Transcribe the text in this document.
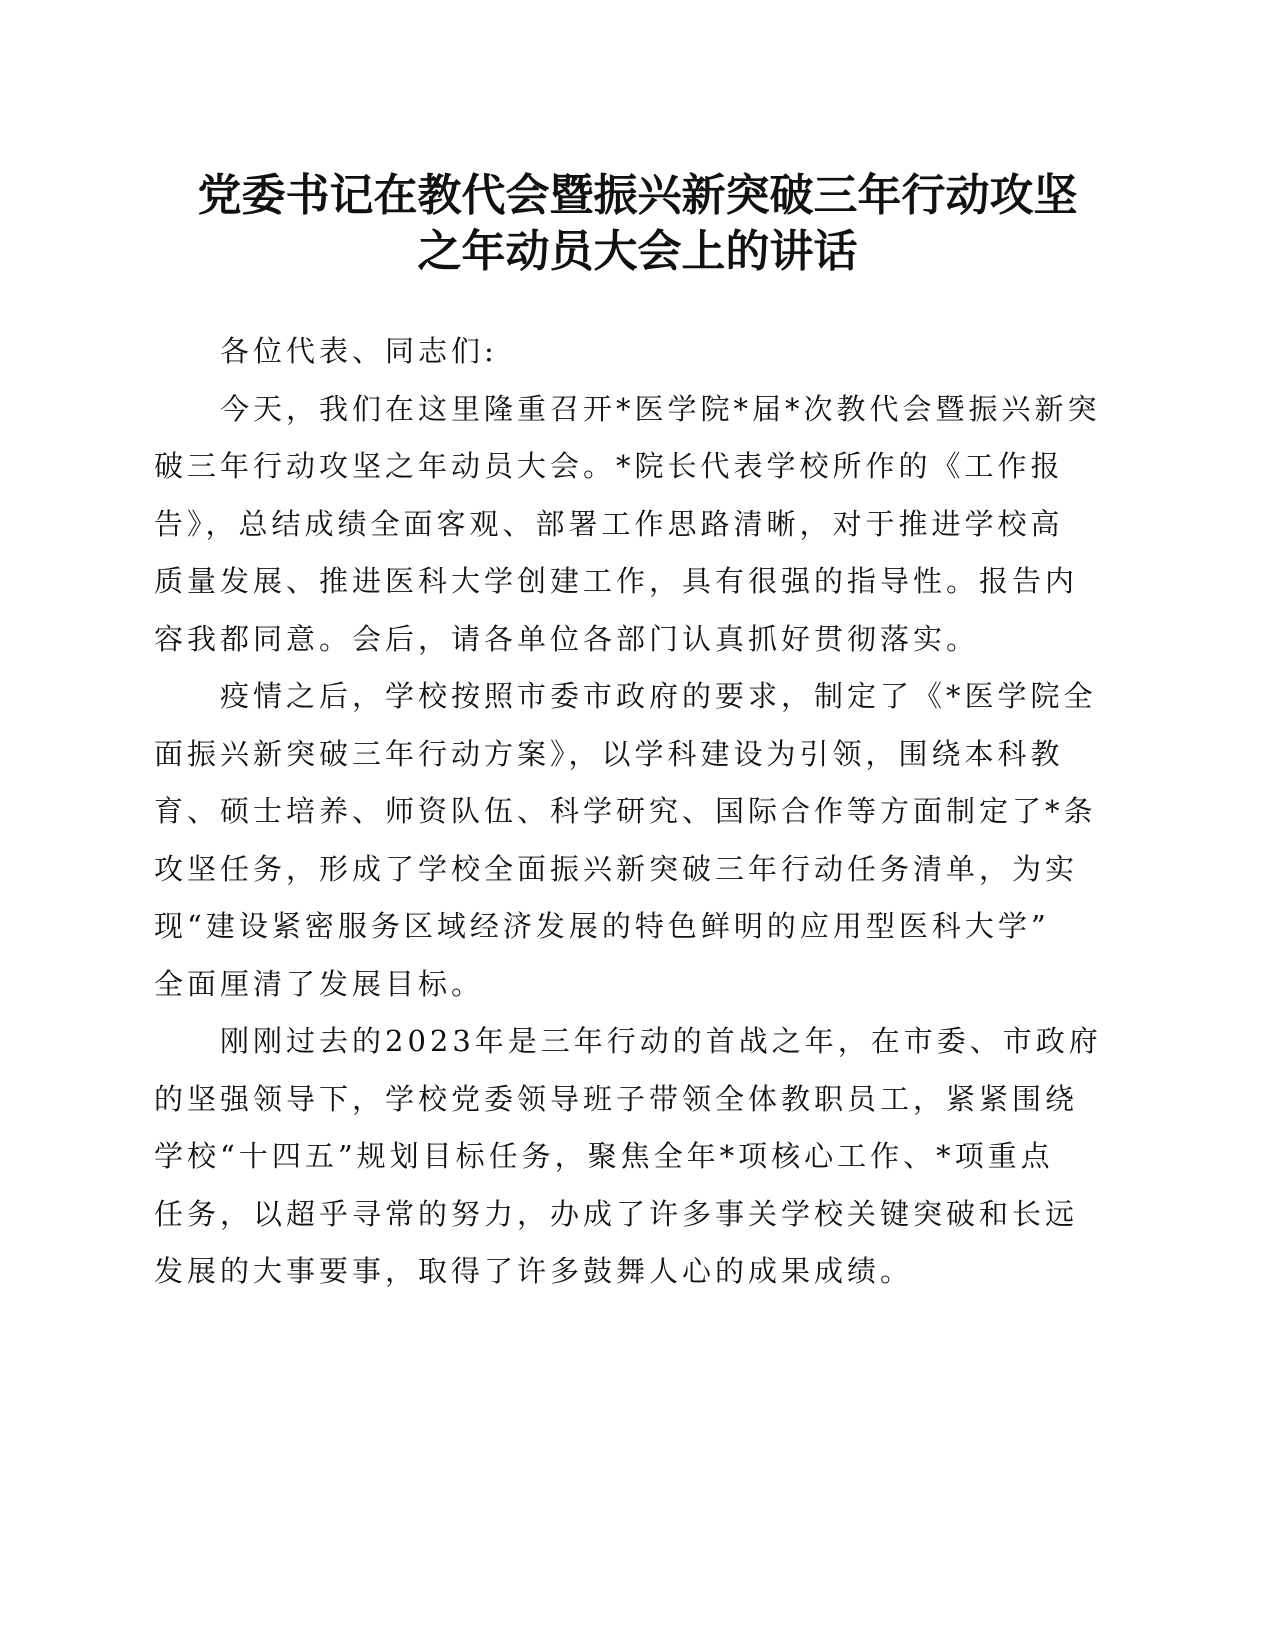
党委书记在教代会暨振兴新突破三年行动攻坚
之年动员大会上的讲话

各位代表、同志们:

今天，我们在这里隆重召开*医学院*届*次教代会暨振兴新突
破三年行动攻坚之年动员大会。*院长代表学校所作的《工作报
告》，总结成绩全面客观、部署工作思路清晰，对于推进学校高
质量发展、推进医科大学创建工作，具有很强的指导性。报告内
容我都同意。会后，请各单位各部门认真抓好贯彻落实。

疫情之后，学校按照市委市政府的要求，制定了《*医学院全
面振兴新突破三年行动方案》，以学科建设为引领，围绕本科教
育、硕士培养、师资队伍、科学研究、国际合作等方面制定了*条
攻坚任务，形成了学校全面振兴新突破三年行动任务清单，为实
现“建设紧密服务区域经济发展的特色鲜明的应用型医科大学”
全面厘清了发展目标。

刚刚过去的2023年是三年行动的首战之年，在市委、市政府
的坚强领导下，学校党委领导班子带领全体教职员工，紧紧围绕
学校“十四五”规划目标任务，聚焦全年*项核心工作、*项重点
任务，以超乎寻常的努力，办成了许多事关学校关键突破和长远
发展的大事要事，取得了许多鼓舞人心的成果成绩。
